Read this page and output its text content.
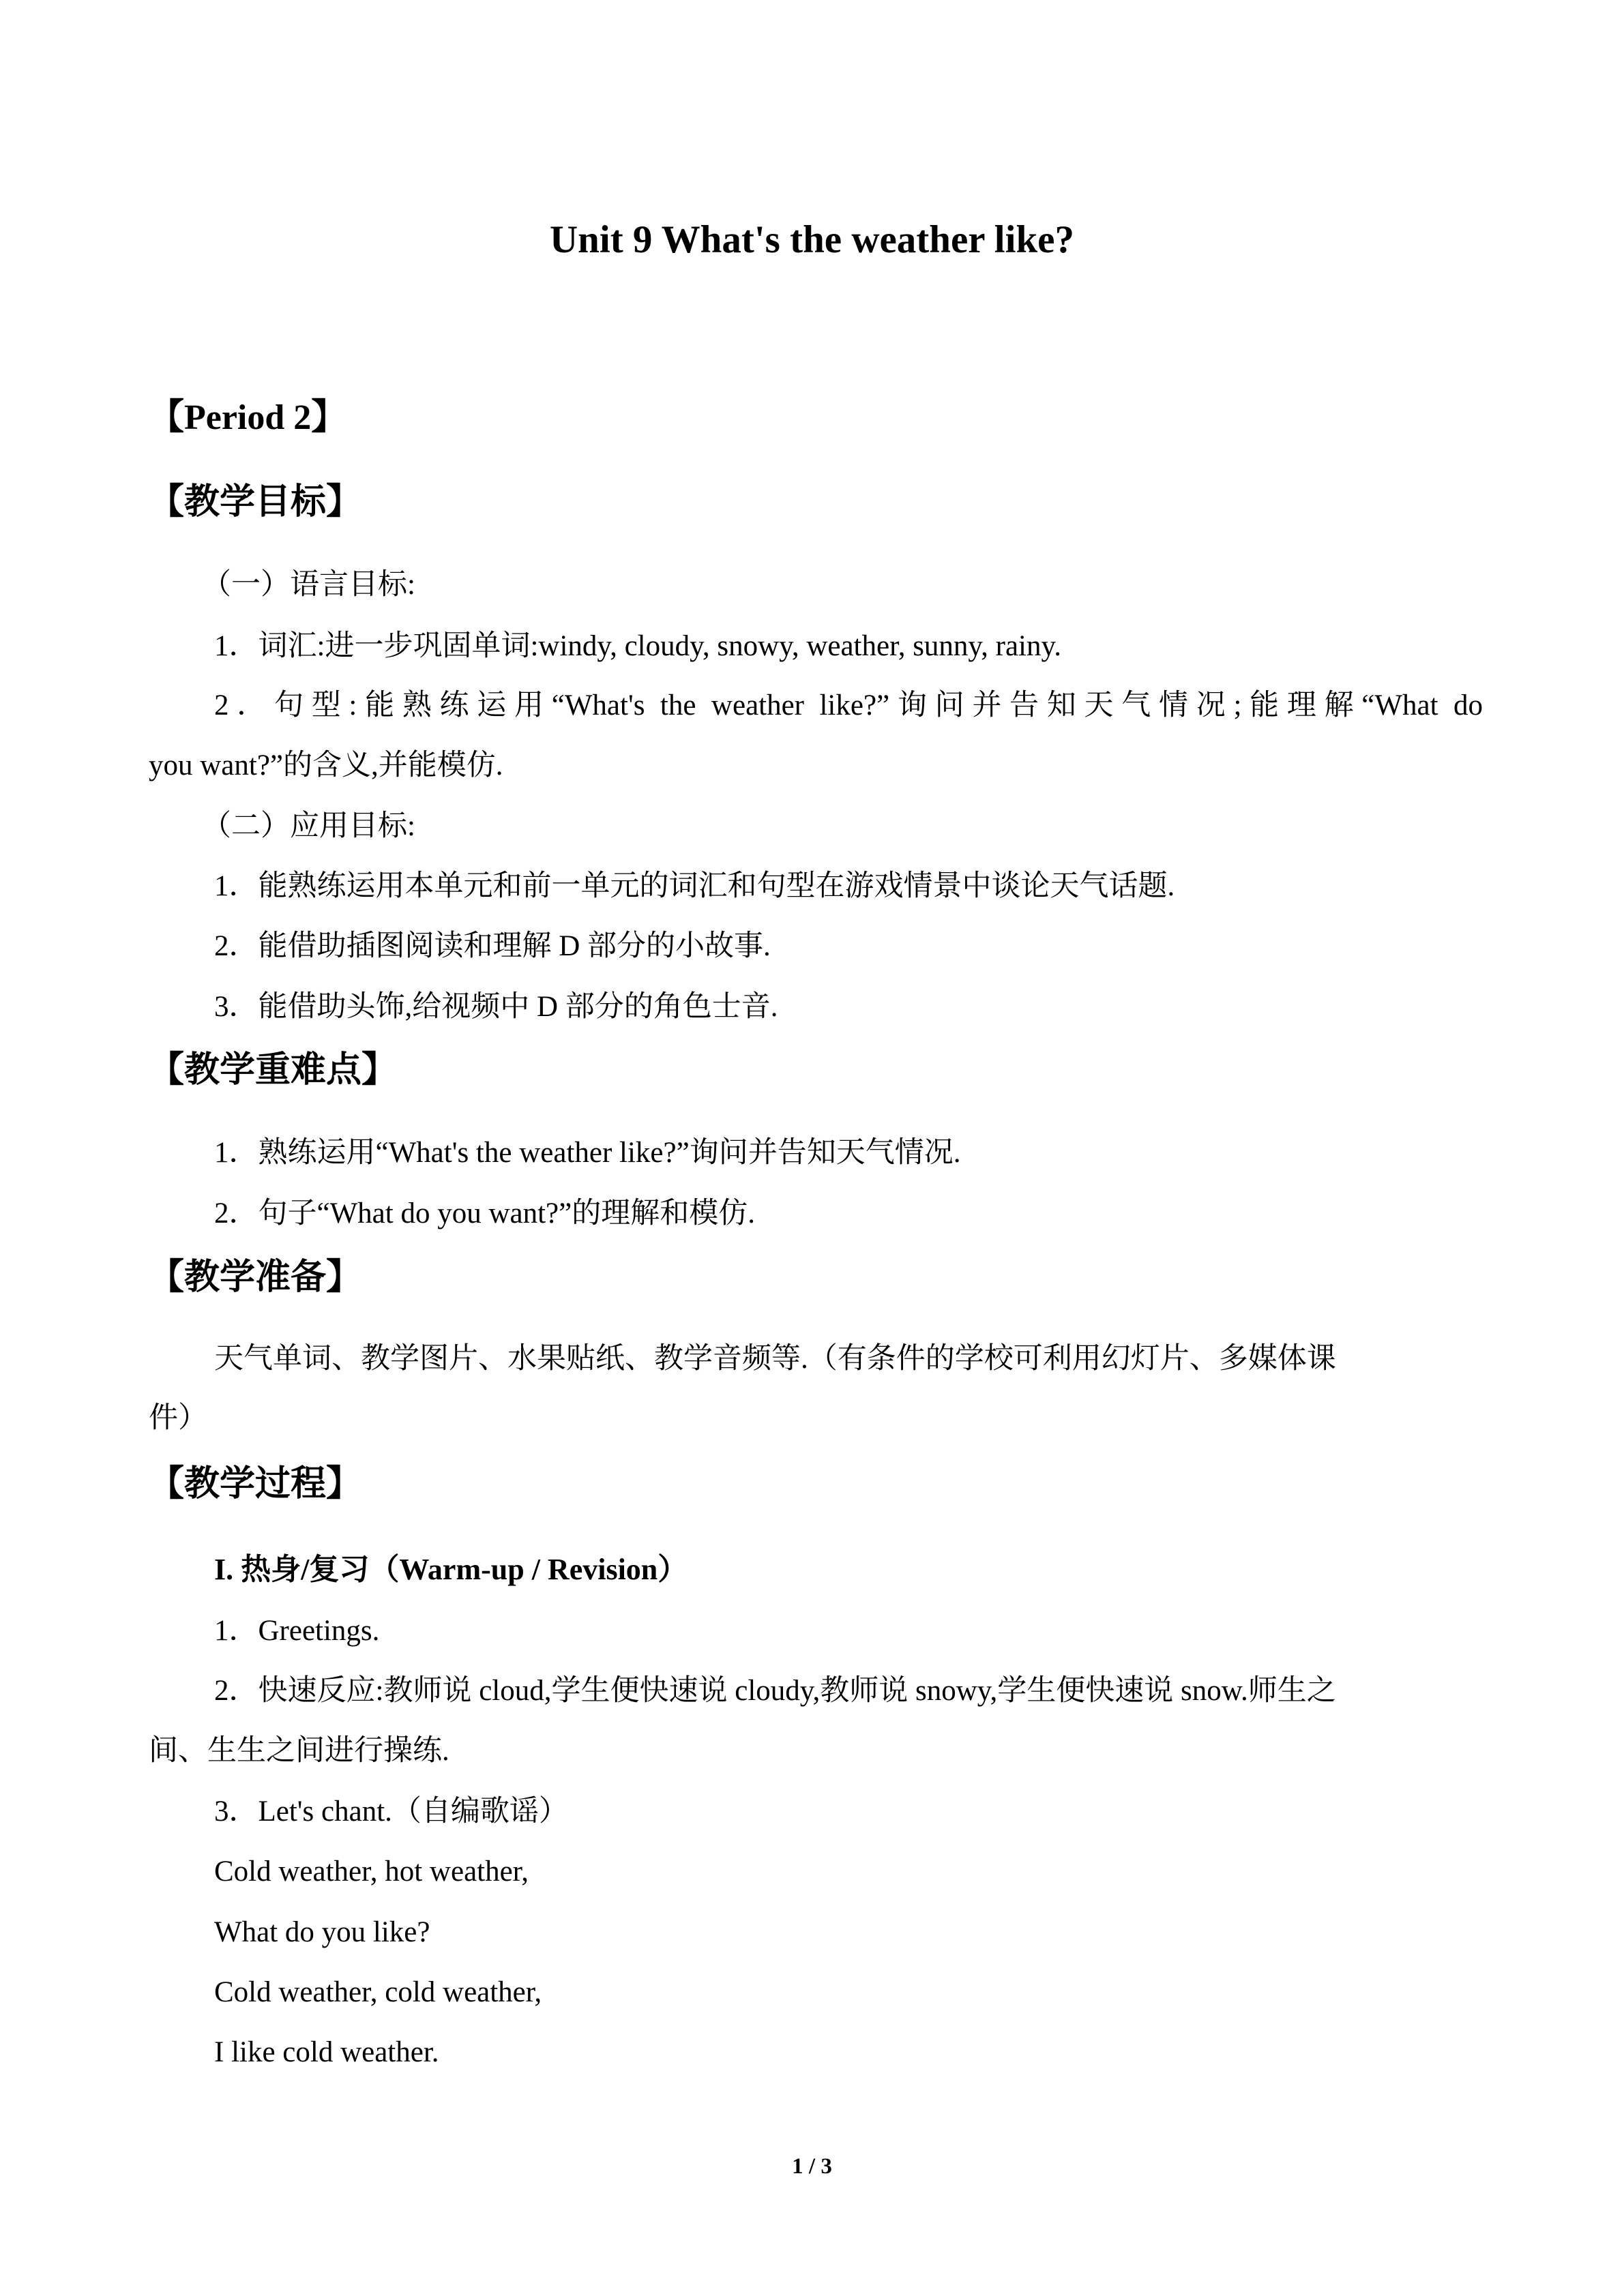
Unit 9 What's the weather like?
【Period 2】
【教学目标】
（一）语言目标:
1．词汇:进一步巩固单词:windy, cloudy, snowy, weather, sunny, rainy.
2．句型:能熟练运用“What's the weather like?”询问并告知天气情况;能理解“What do
you want?”的含义,并能模仿.
（二）应用目标:
1．能熟练运用本单元和前一单元的词汇和句型在游戏情景中谈论天气话题.
2．能借助插图阅读和理解 D 部分的小故事.
3．能借助头饰,给视频中 D 部分的角色士音.
【教学重难点】
1．熟练运用“What's the weather like?”询问并告知天气情况.
2．句子“What do you want?”的理解和模仿.
【教学准备】
天气单词、教学图片、水果贴纸、教学音频等.（有条件的学校可利用幻灯片、多媒体课
件）
【教学过程】
I. 热身/复习（Warm-up / Revision）
1．Greetings.
2．快速反应:教师说 cloud,学生便快速说 cloudy,教师说 snowy,学生便快速说 snow.师生之
间、生生之间进行操练.
3．Let's chant.（自编歌谣）
Cold weather, hot weather,
What do you like?
Cold weather, cold weather,
I like cold weather.
1 / 3
